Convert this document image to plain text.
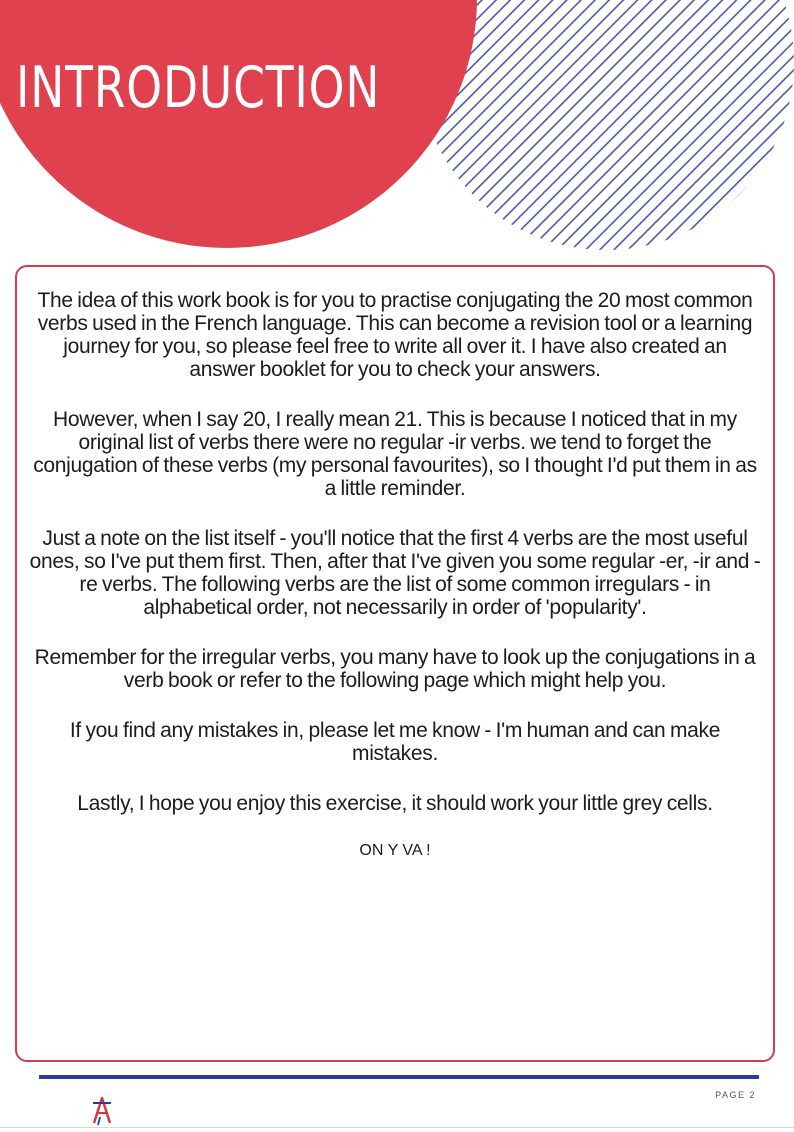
INTRODUCTION

The idea of this work book is for you to practise conjugating the 20 most common verbs used in the French language. This can become a revision tool or a learning journey for you, so please feel free to write all over it. I have also created an answer booklet for you to check your answers.

However, when I say 20, I really mean 21. This is because I noticed that in my original list of verbs there were no regular -ir verbs. we tend to forget the conjugation of these verbs (my personal favourites), so I thought I'd put them in as a little reminder.

Just a note on the list itself - you'll notice that the first 4 verbs are the most useful ones, so I've put them first. Then, after that I've given you some regular -er, -ir and -re verbs. The following verbs are the list of some common irregulars - in alphabetical order, not necessarily in order of 'popularity'.

Remember for the irregular verbs, you many have to look up the conjugations in a verb book or refer to the following page which might help you.

If you find any mistakes in, please let me know - I'm human and can make mistakes.

Lastly, I hope you enjoy this exercise, it should work your little grey cells.

ON Y VA !

PAGE 2
